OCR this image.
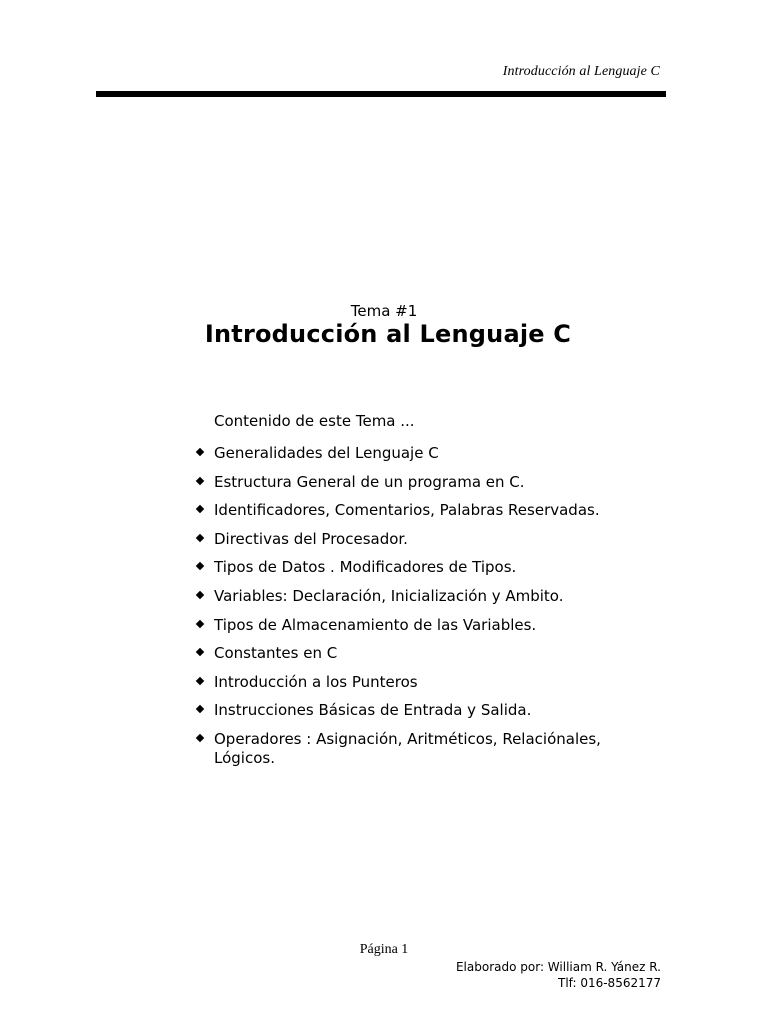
Introducción al Lenguaje C
Tema #1
Introducción al Lenguaje C
Contenido de este Tema ...
Generalidades del Lenguaje C
Estructura General de un programa en C.
Identificadores, Comentarios, Palabras Reservadas.
Directivas del Procesador.
Tipos de Datos . Modificadores de Tipos.
Variables: Declaración, Inicialización y Ambito.
Tipos de Almacenamiento de las Variables.
Constantes en C
Introducción a los Punteros
Instrucciones Básicas de Entrada y Salida.
Operadores : Asignación, Aritméticos, Relaciónales, Lógicos.
Página 1
Elaborado por: William R. Yánez R.
Tlf: 016-8562177
